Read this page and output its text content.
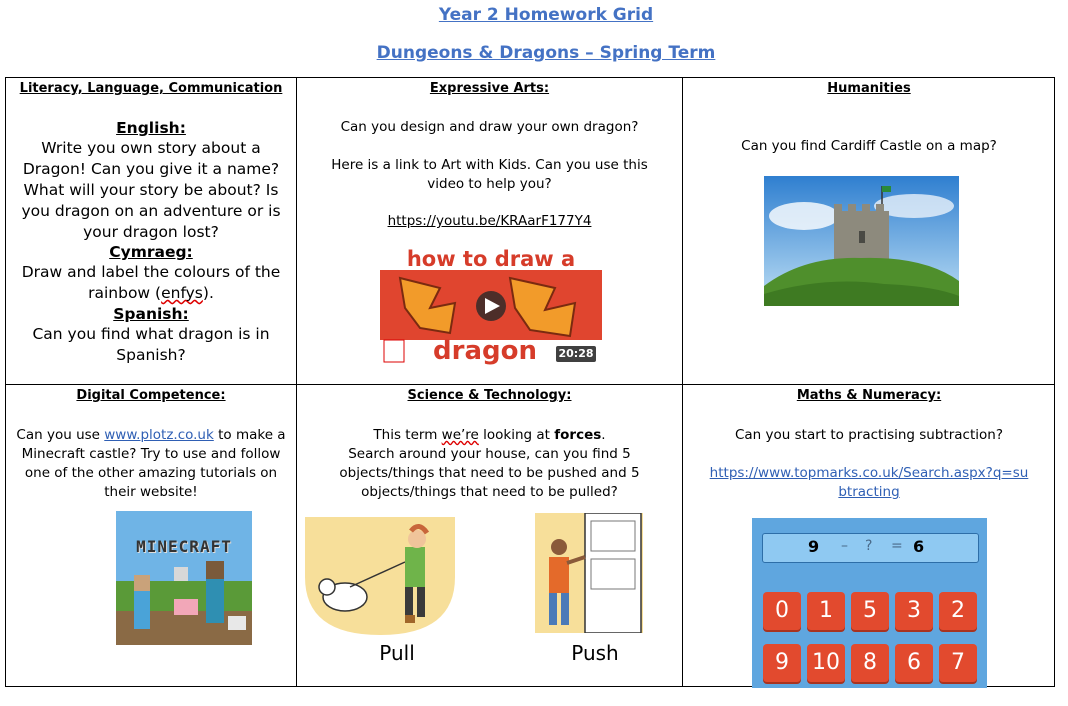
Year 2 Homework Grid
Dungeons & Dragons – Spring Term
Literacy, Language, Communication
English:
Write you own story about a Dragon! Can you give it a name? What will your story be about? Is you dragon on an adventure or is your dragon lost?
Cymraeg:
Draw and label the colours of the rainbow (enfys).
Spanish:
Can you find what dragon is in Spanish?
Expressive Arts:
Can you design and draw your own dragon?
Here is a link to Art with Kids. Can you use this video to help you?
https://youtu.be/KRAarF177Y4
how to draw a
dragon	20:28
Humanities
Can you find Cardiff Castle on a map?
Digital Competence:
Can you use www.plotz.co.uk to make a Minecraft castle? Try to use and follow one of the other amazing tutorials on their website!
MINECRAFT
Science & Technology:
This term we’re looking at forces.
Search around your house, can you find 5 objects/things that need to be pushed and 5 objects/things that need to be pulled?
Pull	Push
Maths & Numeracy:
Can you start to practising subtraction?
https://www.topmarks.co.uk/Search.aspx?q=su
btracting
9 – ? = 6
0	1	5	3	2
9	10	8	6	7
